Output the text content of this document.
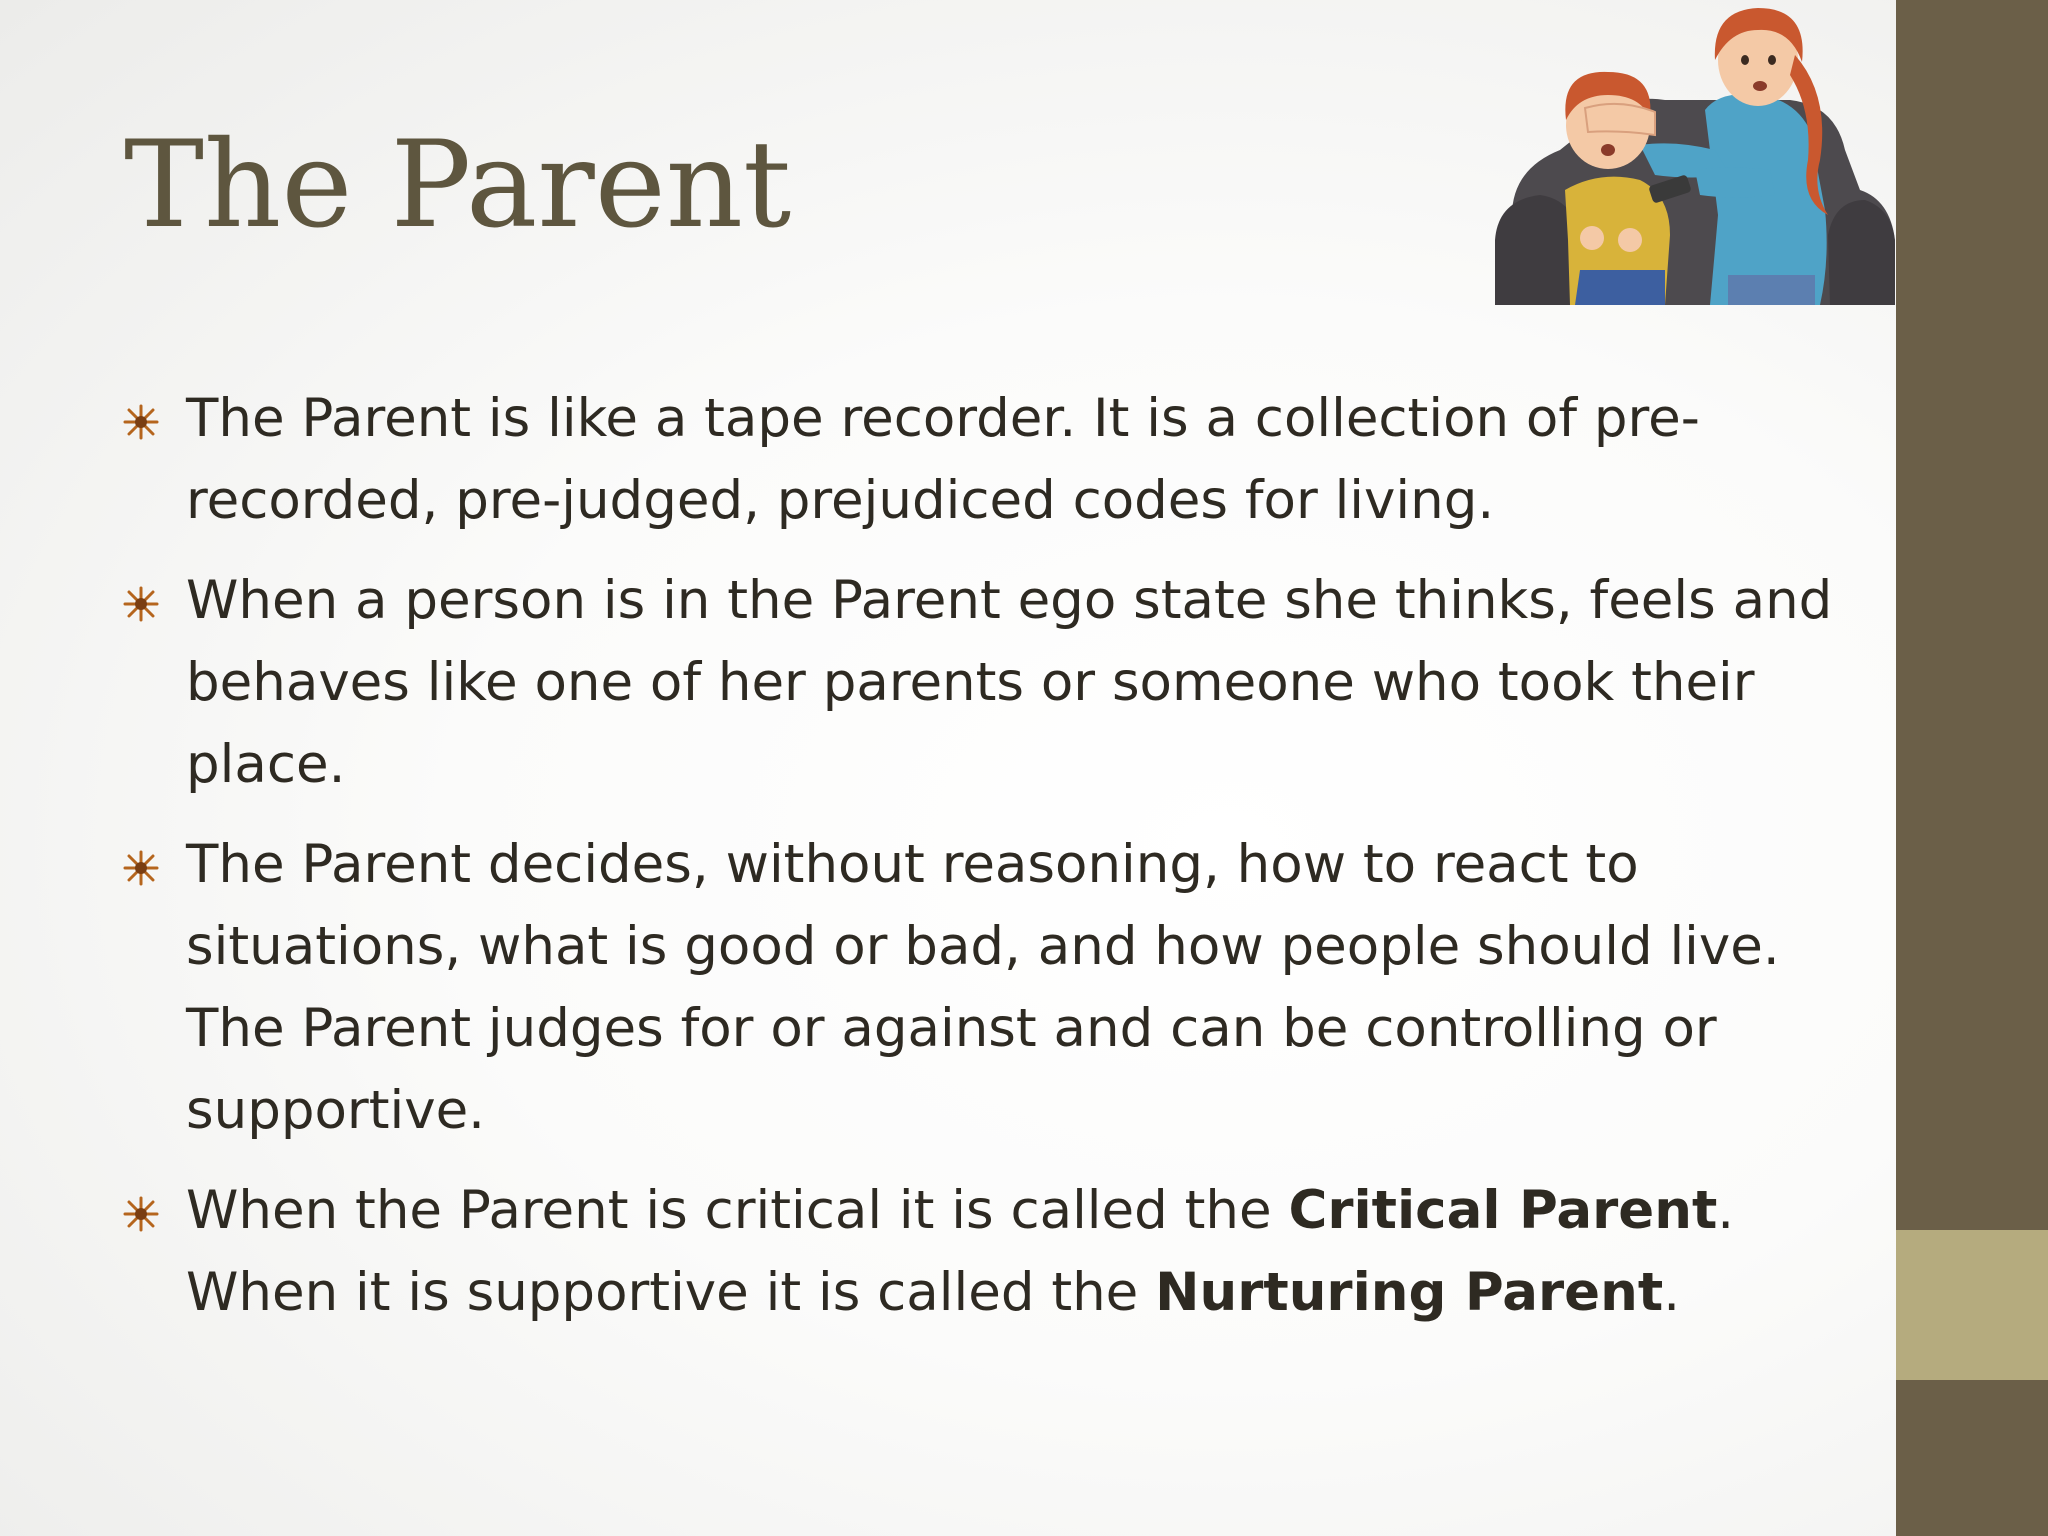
The Parent
The Parent is like a tape recorder. It is a collection of pre-recorded, pre-judged, prejudiced codes for living.
When a person is in the Parent ego state she thinks, feels and behaves like one of her parents or someone who took their place.
The Parent decides, without reasoning, how to react to situations, what is good or bad, and how people should live. The Parent judges for or against and can be controlling or supportive.
When the Parent is critical it is called the Critical Parent. When it is supportive it is called the Nurturing Parent.
